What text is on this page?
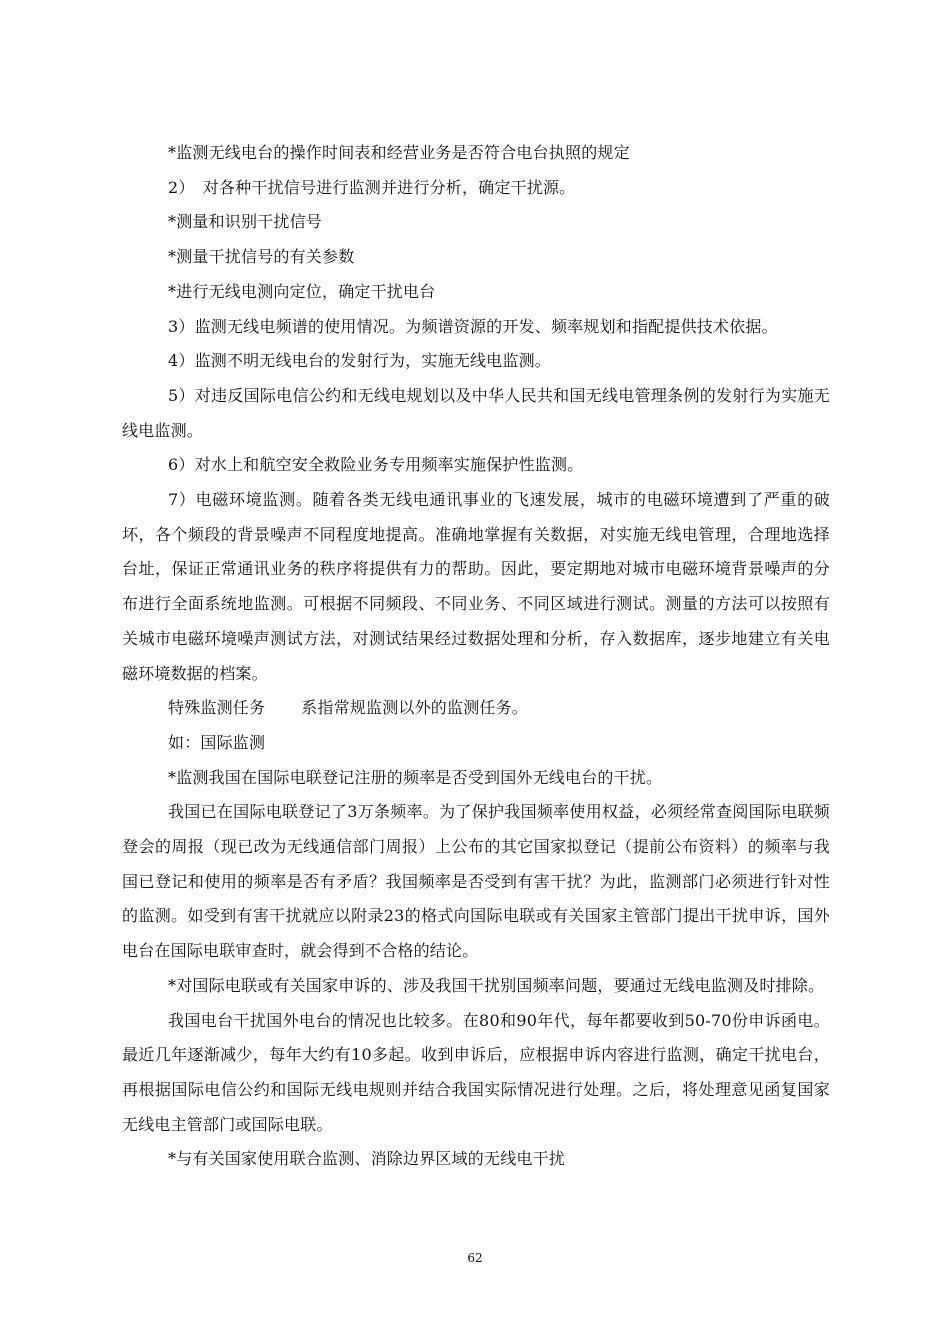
*监测无线电台的操作时间表和经营业务是否符合电台执照的规定

2）　对各种干扰信号进行监测并进行分析，确定干扰源。

*测量和识别干扰信号

*测量干扰信号的有关参数

*进行无线电测向定位，确定干扰电台

3）监测无线电频谱的使用情况。为频谱资源的开发、频率规划和指配提供技术依据。

4）监测不明无线电台的发射行为，实施无线电监测。

5）对违反国际电信公约和无线电规划以及中华人民共和国无线电管理条例的发射行为实施无线电监测。

6）对水上和航空安全救险业务专用频率实施保护性监测。

7）电磁环境监测。随着各类无线电通讯事业的飞速发展，城市的电磁环境遭到了严重的破坏，各个频段的背景噪声不同程度地提高。准确地掌握有关数据，对实施无线电管理，合理地选择台址，保证正常通讯业务的秩序将提供有力的帮助。因此，要定期地对城市电磁环境背景噪声的分布进行全面系统地监测。可根据不同频段、不同业务、不同区域进行测试。测量的方法可以按照有关城市电磁环境噪声测试方法，对测试结果经过数据处理和分析，存入数据库，逐步地建立有关电磁环境数据的档案。

特殊监测任务 系指常规监测以外的监测任务。

如：国际监测

*监测我国在国际电联登记注册的频率是否受到国外无线电台的干扰。

我国已在国际电联登记了3万条频率。为了保护我国频率使用权益，必须经常查阅国际电联频登会的周报（现已改为无线通信部门周报）上公布的其它国家拟登记（提前公布资料）的频率与我国已登记和使用的频率是否有矛盾？我国频率是否受到有害干扰？为此，监测部门必须进行针对性的监测。如受到有害干扰就应以附录23的格式向国际电联或有关国家主管部门提出干扰申诉，国外电台在国际电联审查时，就会得到不合格的结论。

*对国际电联或有关国家申诉的、涉及我国干扰别国频率问题，要通过无线电监测及时排除。

我国电台干扰国外电台的情况也比较多。在80和90年代，每年都要收到50-70份申诉函电。最近几年逐渐减少，每年大约有10多起。收到申诉后，应根据申诉内容进行监测，确定干扰电台，再根据国际电信公约和国际无线电规则并结合我国实际情况进行处理。之后，将处理意见函复国家无线电主管部门或国际电联。

*与有关国家使用联合监测、消除边界区域的无线电干扰

62
